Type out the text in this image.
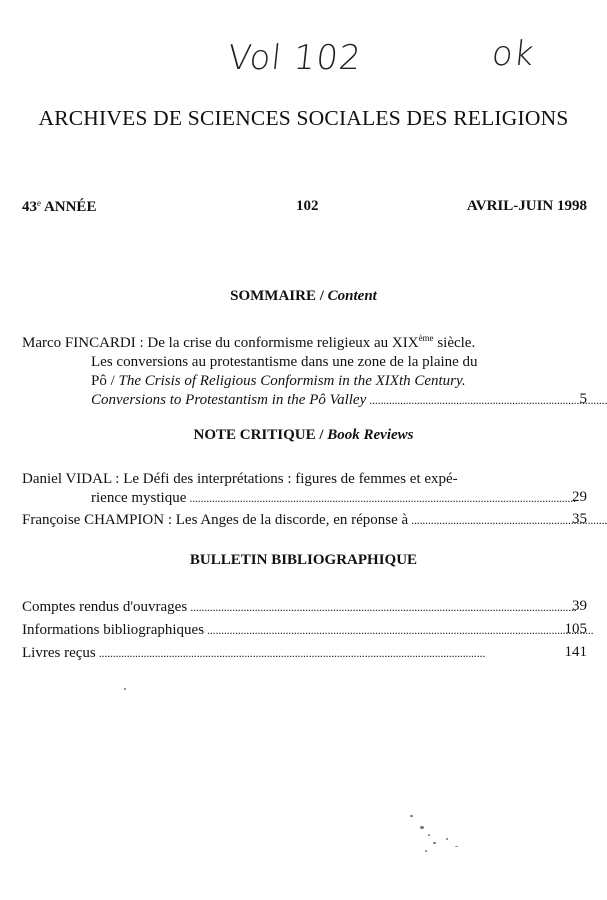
Vol 102	ok
ARCHIVES DE SCIENCES SOCIALES DES RELIGIONS
43e ANNÉE	102	AVRIL-JUIN 1998
SOMMAIRE / Content
Marco FINCARDI : De la crise du conformisme religieux au XIXème siècle.
Les conversions au protestantisme dans une zone de la plaine du
Pô / The Crisis of Religious Conformism in the XIXth Century.
Conversions to Protestantism in the Pô Valley . . .	5
NOTE CRITIQUE / Book Reviews
Daniel VIDAL : Le Défi des interprétations : figures de femmes et expé-
rience mystique . . .	29
Françoise CHAMPION : Les Anges de la discorde, en réponse à . . .	35
BULLETIN BIBLIOGRAPHIQUE
Comptes rendus d'ouvrages . . .	39
Informations bibliographiques . . .	105
Livres reçus . . .	141
